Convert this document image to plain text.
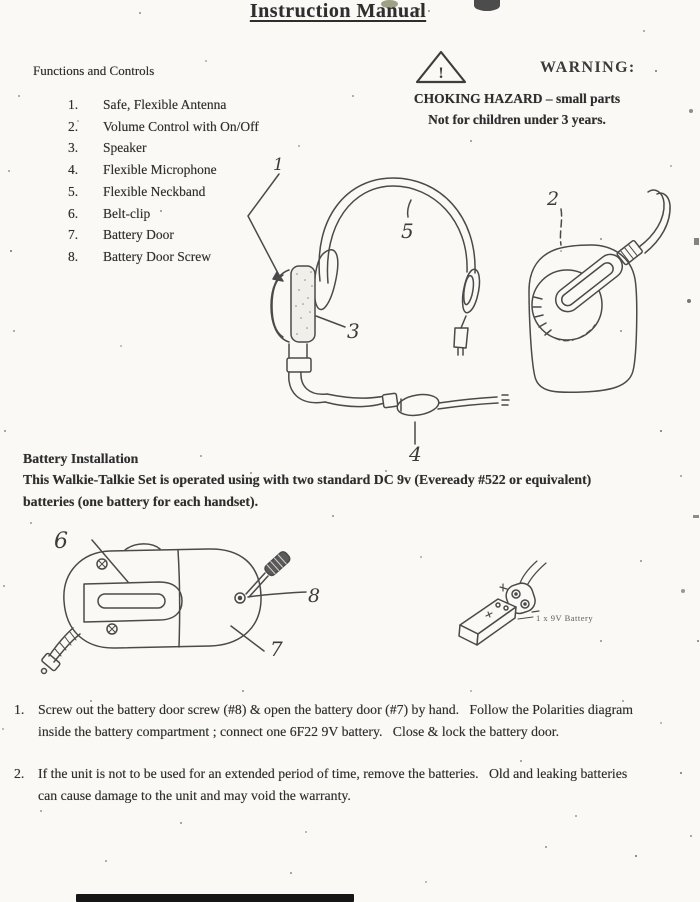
Instruction Manual
Functions and Controls
1.	Safe, Flexible Antenna
2.	Volume Control with On/Off
3.	Speaker
4.	Flexible Microphone
5.	Flexible Neckband
6.	Belt-clip
7.	Battery Door
8.	Battery Door Screw
!	WARNING:
CHOKING HAZARD – small parts
Not for children under 3 years.
1
5
3
4
2
Battery Installation
This Walkie-Talkie Set is operated using with two standard DC 9v (Eveready #522 or equivalent) batteries (one battery for each handset).
6
8
7
1 x 9V Battery
1. Screw out the battery door screw (#8) & open the battery door (#7) by hand.   Follow the Polarities diagram inside the battery compartment ; connect one 6F22 9V battery.   Close & lock the battery door.
2. If the unit is not to be used for an extended period of time, remove the batteries.   Old and leaking batteries can cause damage to the unit and may void the warranty.
